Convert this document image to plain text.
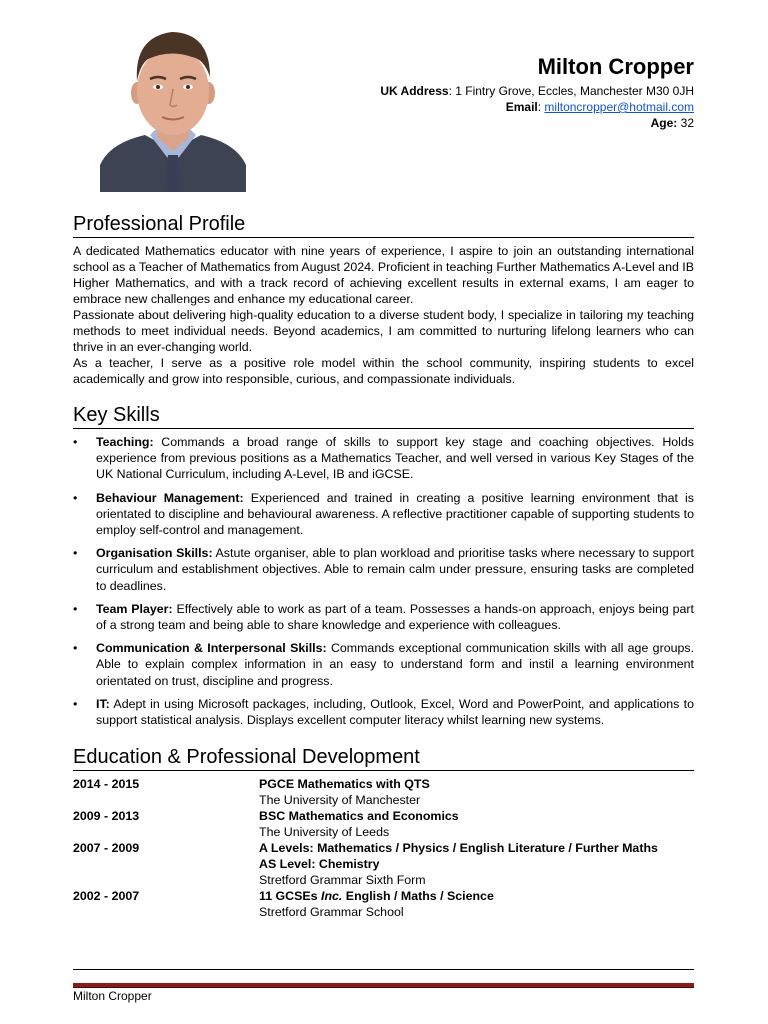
Milton Cropper
UK Address: 1 Fintry Grove, Eccles, Manchester M30 0JH
Email: miltoncropper@hotmail.com
Age: 32
Professional Profile

A dedicated Mathematics educator with nine years of experience, I aspire to join an outstanding international school as a Teacher of Mathematics from August 2024. Proficient in teaching Further Mathematics A-Level and IB Higher Mathematics, and with a track record of achieving excellent results in external exams, I am eager to embrace new challenges and enhance my educational career.

Passionate about delivering high-quality education to a diverse student body, I specialize in tailoring my teaching methods to meet individual needs. Beyond academics, I am committed to nurturing lifelong learners who can thrive in an ever-changing world.

As a teacher, I serve as a positive role model within the school community, inspiring students to excel academically and grow into responsible, curious, and compassionate individuals.

Key Skills
• Teaching: Commands a broad range of skills to support key stage and coaching objectives. Holds experience from previous positions as a Mathematics Teacher, and well versed in various Key Stages of the UK National Curriculum, including A-Level, IB and iGCSE.
• Behaviour Management: Experienced and trained in creating a positive learning environment that is orientated to discipline and behavioural awareness. A reflective practitioner capable of supporting students to employ self-control and management.
• Organisation Skills: Astute organiser, able to plan workload and prioritise tasks where necessary to support curriculum and establishment objectives. Able to remain calm under pressure, ensuring tasks are completed to deadlines.
• Team Player: Effectively able to work as part of a team. Possesses a hands-on approach, enjoys being part of a strong team and being able to share knowledge and experience with colleagues.
• Communication & Interpersonal Skills: Commands exceptional communication skills with all age groups. Able to explain complex information in an easy to understand form and instil a learning environment orientated on trust, discipline and progress.
• IT: Adept in using Microsoft packages, including, Outlook, Excel, Word and PowerPoint, and applications to support statistical analysis. Displays excellent computer literacy whilst learning new systems.
Education & Professional Development
2014 - 2015	PGCE Mathematics with QTS
The University of Manchester
2009 - 2013	BSC Mathematics and Economics
The University of Leeds
2007 - 2009	A Levels: Mathematics / Physics / English Literature / Further Maths
AS Level: Chemistry
Stretford Grammar Sixth Form
2002 - 2007	11 GCSEs Inc. English / Maths / Science
Stretford Grammar School
Milton Cropper
